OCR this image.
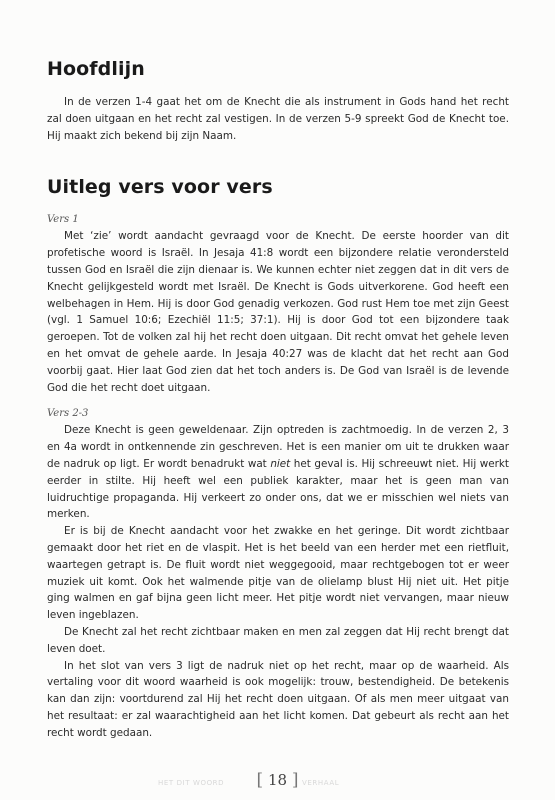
Hoofdlijn

In de verzen 1-4 gaat het om de Knecht die als instrument in Gods hand het recht zal doen uitgaan en het recht zal vestigen. In de verzen 5-9 spreekt God de Knecht toe. Hij maakt zich bekend bij zijn Naam.

Uitleg vers voor vers
Vers 1

Met ‘zie’ wordt aandacht gevraagd voor de Knecht. De eerste hoorder van dit profetische woord is Israël. In Jesaja 41:8 wordt een bijzondere relatie verondersteld tussen God en Israël die zijn dienaar is. We kunnen echter niet zeggen dat in dit vers de Knecht gelijkgesteld wordt met Israël. De Knecht is Gods uitverkorene. God heeft een welbehagen in Hem. Hij is door God genadig verkozen. God rust Hem toe met zijn Geest (vgl. 1 Samuel 10:6; Ezechiël 11:5; 37:1). Hij is door God tot een bijzondere taak geroepen. Tot de volken zal hij het recht doen uitgaan. Dit recht omvat het gehele leven en het omvat de gehele aarde. In Jesaja 40:27 was de klacht dat het recht aan God voorbij gaat. Hier laat God zien dat het toch anders is. De God van Israël is de levende God die het recht doet uitgaan.

Vers 2-3

Deze Knecht is geen geweldenaar. Zijn optreden is zachtmoedig. In de verzen 2, 3 en 4a wordt in ontkennende zin geschreven. Het is een manier om uit te drukken waar de nadruk op ligt. Er wordt benadrukt wat niet het geval is. Hij schreeuwt niet. Hij werkt eerder in stilte. Hij heeft wel een publiek karakter, maar het is geen man van luidruchtige propaganda. Hij verkeert zo onder ons, dat we er misschien wel niets van merken.

Er is bij de Knecht aandacht voor het zwakke en het geringe. Dit wordt zichtbaar gemaakt door het riet en de vlaspit. Het is het beeld van een herder met een rietfluit, waartegen getrapt is. De fluit wordt niet weggegooid, maar rechtgebogen tot er weer muziek uit komt. Ook het walmende pitje van de olielamp blust Hij niet uit. Het pitje ging walmen en gaf bijna geen licht meer. Het pitje wordt niet vervangen, maar nieuw leven ingeblazen.

De Knecht zal het recht zichtbaar maken en men zal zeggen dat Hij recht brengt dat leven doet.

In het slot van vers 3 ligt de nadruk niet op het recht, maar op de waarheid. Als vertaling voor dit woord waarheid is ook mogelijk: trouw, bestendigheid. De betekenis kan dan zijn: voortdurend zal Hij het recht doen uitgaan. Of als men meer uitgaat van het resultaat: er zal waarachtigheid aan het licht komen. Dat gebeurt als recht aan het recht wordt gedaan.

HET DIT WOORD [ 18 ] VERHAAL
